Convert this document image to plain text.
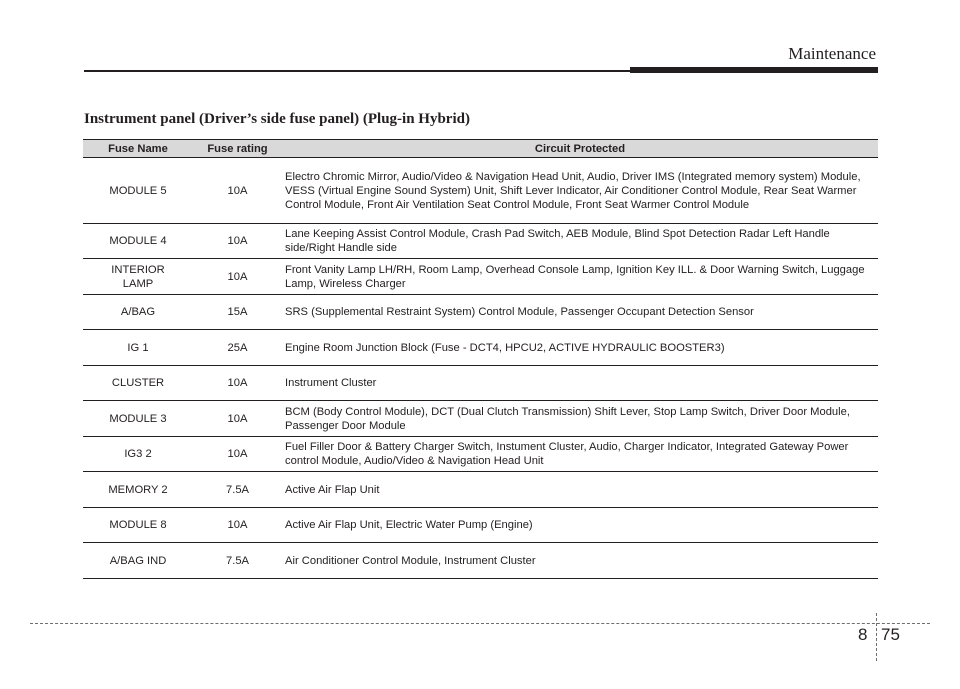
Maintenance
Instrument panel (Driver’s side fuse panel) (Plug-in Hybrid)
Fuse Name	Fuse rating	Circuit Protected
MODULE 5	10A	Electro Chromic Mirror, Audio/Video & Navigation Head Unit, Audio, Driver IMS (Integrated memory system) Module, VESS (Virtual Engine Sound System) Unit, Shift Lever Indicator, Air Conditioner Control Module, Rear Seat Warmer Control Module, Front Air Ventilation Seat Control Module, Front Seat Warmer Control Module
MODULE 4	10A	Lane Keeping Assist Control Module, Crash Pad Switch, AEB Module, Blind Spot Detection Radar Left Handle side/Right Handle side
INTERIOR LAMP	10A	Front Vanity Lamp LH/RH, Room Lamp, Overhead Console Lamp, Ignition Key ILL. & Door Warning Switch, Luggage Lamp, Wireless Charger
A/BAG	15A	SRS (Supplemental Restraint System) Control Module, Passenger Occupant Detection Sensor
IG 1	25A	Engine Room Junction Block (Fuse - DCT4, HPCU2, ACTIVE HYDRAULIC BOOSTER3)
CLUSTER	10A	Instrument Cluster
MODULE 3	10A	BCM (Body Control Module), DCT (Dual Clutch Transmission) Shift Lever, Stop Lamp Switch, Driver Door Module, Passenger Door Module
IG3 2	10A	Fuel Filler Door & Battery Charger Switch, Instument Cluster, Audio, Charger Indicator, Integrated Gateway Power control Module, Audio/Video & Navigation Head Unit
MEMORY 2	7.5A	Active Air Flap Unit
MODULE 8	10A	Active Air Flap Unit, Electric Water Pump (Engine)
A/BAG IND	7.5A	Air Conditioner Control Module, Instrument Cluster
8 75
